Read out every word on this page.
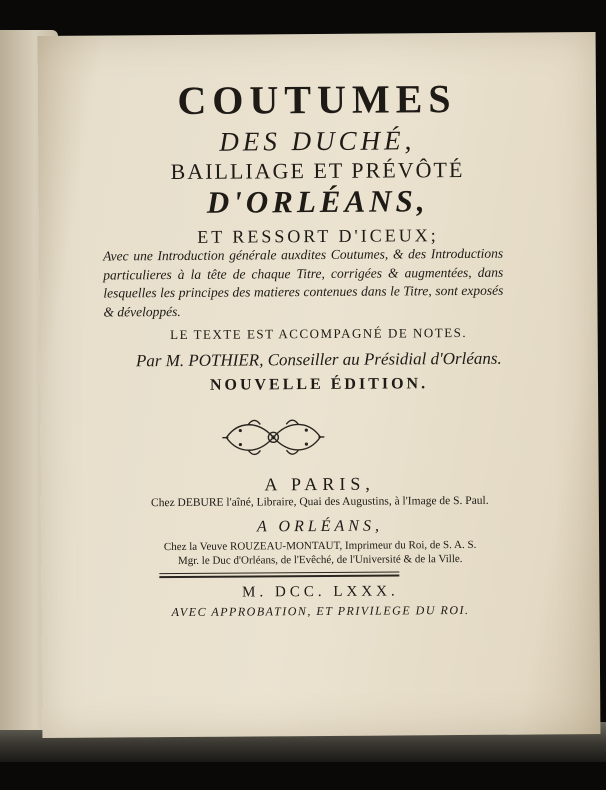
COUTUMES
DES DUCHÉ,
BAILLIAGE ET PRÉVÔTÉ
D'ORLÉANS,
ET RESSORT D'ICEUX;
Avec une Introduction générale auxdites Coutumes, & des Introductions particulieres à la tête de chaque Titre, corrigées & augmentées, dans lesquelles les principes des matieres contenues dans le Titre, sont exposés & développés.
LE TEXTE EST ACCOMPAGNÉ DE NOTES.
Par M. POTHIER, Conseiller au Présidial d'Orléans.
NOUVELLE ÉDITION.
A PARIS,
Chez DEBURE l'aîné, Libraire, Quai des Augustins, à l'Image de S. Paul.
A ORLÉANS,
Chez la Veuve ROUZEAU-MONTAUT, Imprimeur du Roi, de S. A. S.
Mgr. le Duc d'Orléans, de l'Evêché, de l'Université & de la Ville.
M. DCC. LXXX.
AVEC APPROBATION, ET PRIVILEGE DU ROI.
